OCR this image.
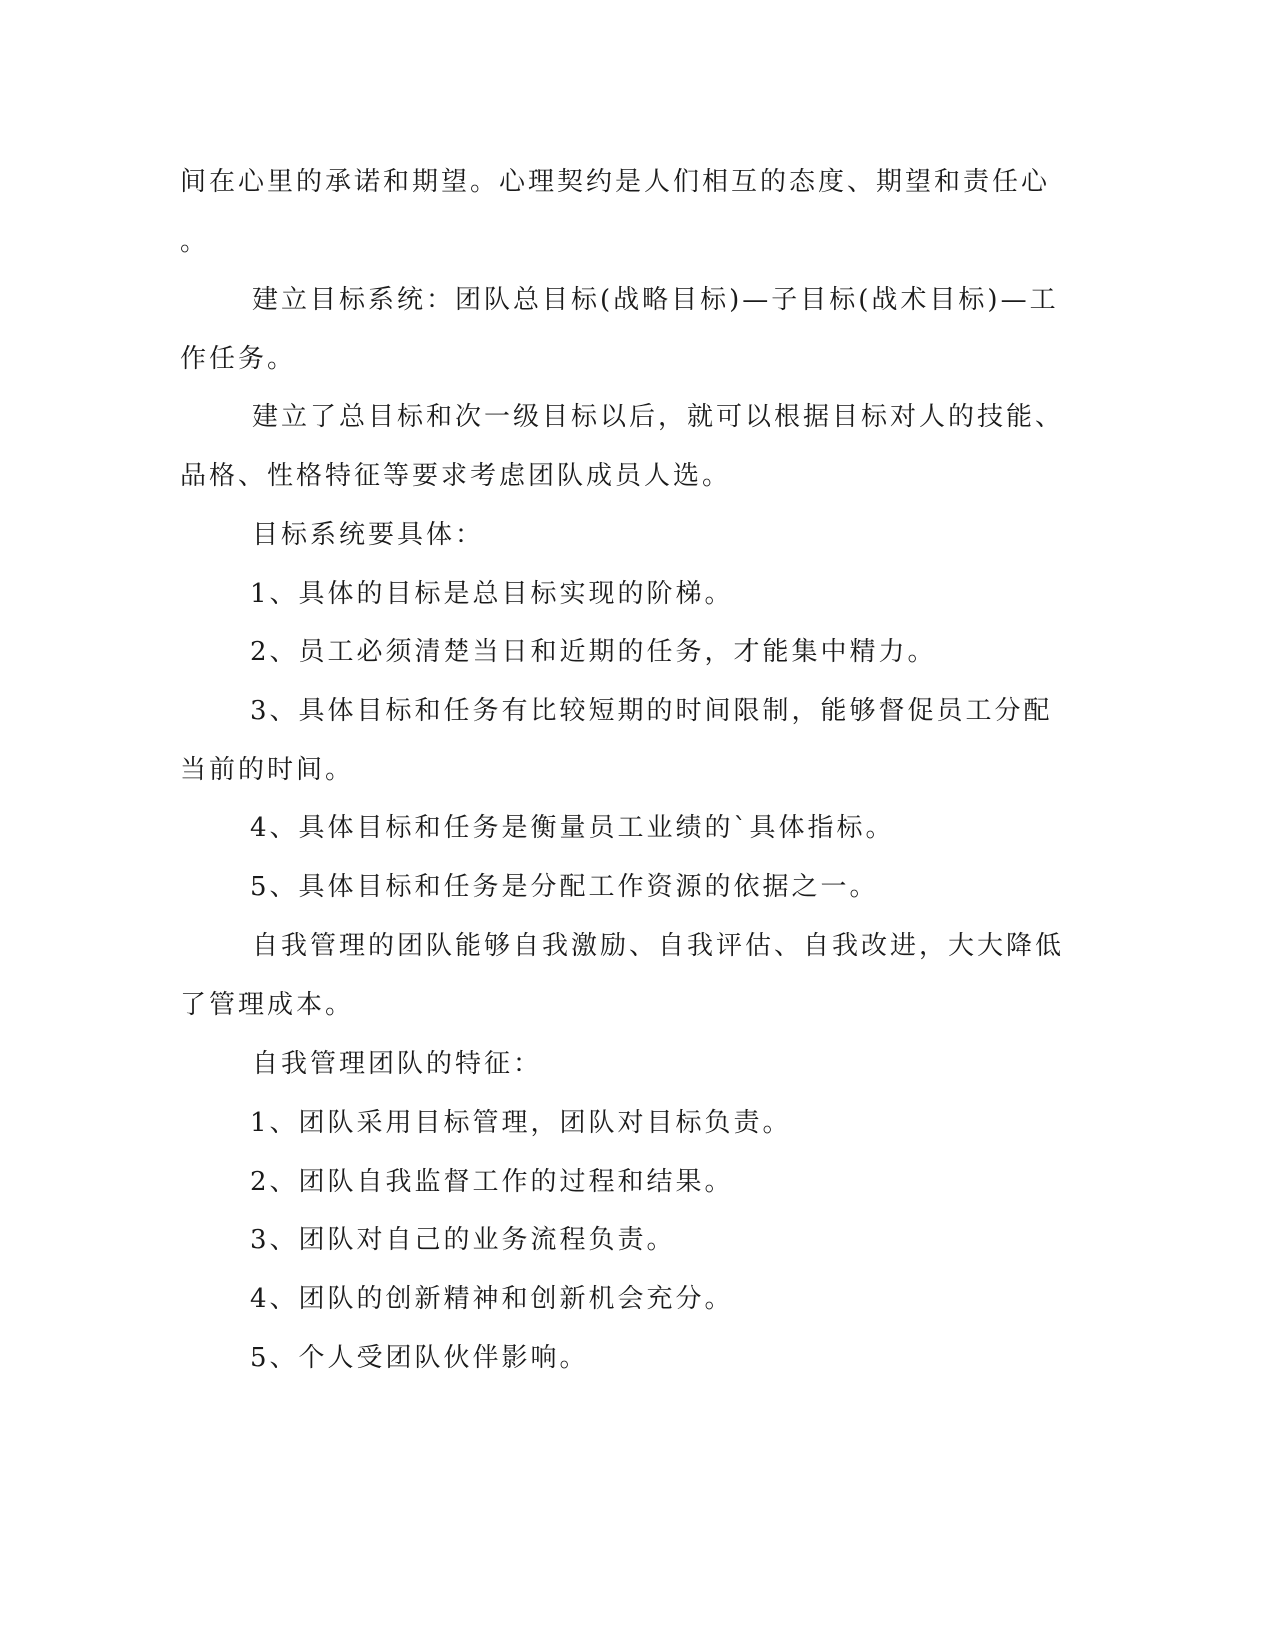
间在心里的承诺和期望。心理契约是人们相互的态度、期望和责任心

。

建立目标系统：团队总目标(战略目标)—子目标(战术目标)—工

作任务。

建立了总目标和次一级目标以后，就可以根据目标对人的技能、

品格、性格特征等要求考虑团队成员人选。

目标系统要具体：

1、具体的目标是总目标实现的阶梯。

2、员工必须清楚当日和近期的任务，才能集中精力。

3、具体目标和任务有比较短期的时间限制，能够督促员工分配

当前的时间。

4、具体目标和任务是衡量员工业绩的`具体指标。

5、具体目标和任务是分配工作资源的依据之一。

自我管理的团队能够自我激励、自我评估、自我改进，大大降低

了管理成本。

自我管理团队的特征：

1、团队采用目标管理，团队对目标负责。

2、团队自我监督工作的过程和结果。

3、团队对自己的业务流程负责。

4、团队的创新精神和创新机会充分。

5、个人受团队伙伴影响。
